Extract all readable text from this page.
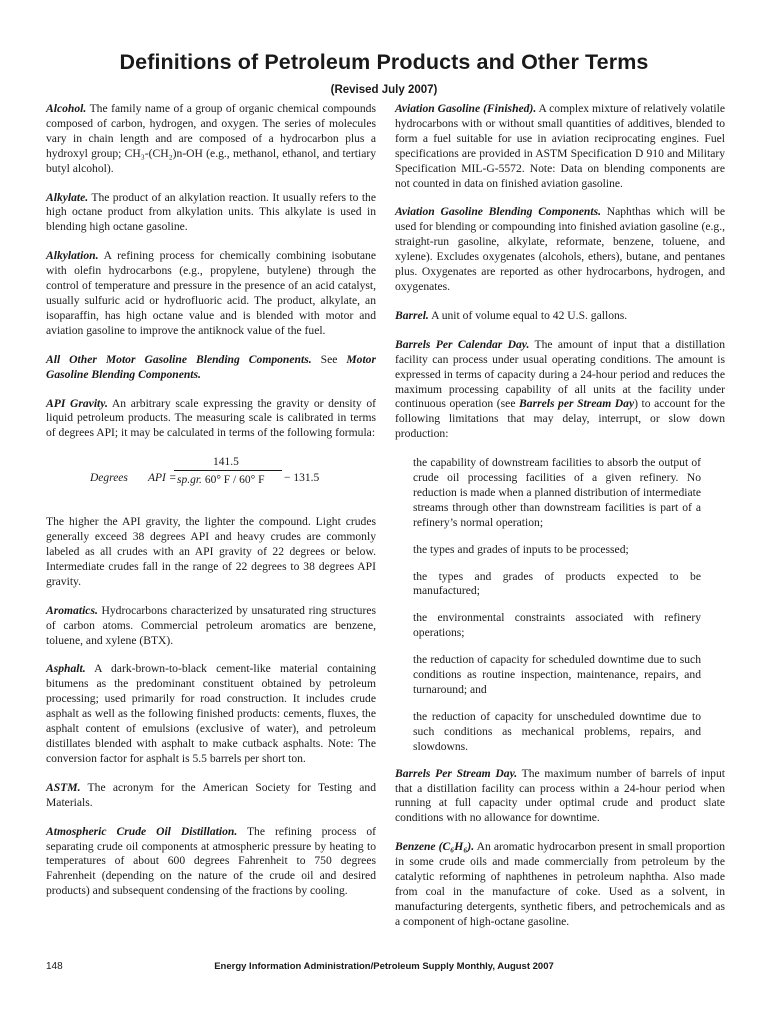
Definitions of Petroleum Products and Other Terms
(Revised July 2007)

Alcohol. The family name of a group of organic chemical compounds composed of carbon, hydrogen, and oxygen. The series of molecules vary in chain length and are composed of a hydrocarbon plus a hydroxyl group; CH₃-(CH₂)n-OH (e.g., methanol, ethanol, and tertiary butyl alcohol).

Alkylate. The product of an alkylation reaction. It usually refers to the high octane product from alkylation units. This alkylate is used in blending high octane gasoline.

Alkylation. A refining process for chemically combining isobutane with olefin hydrocarbons (e.g., propylene, butylene) through the control of temperature and pressure in the presence of an acid catalyst, usually sulfuric acid or hydrofluoric acid. The product, alkylate, an isoparaffin, has high octane value and is blended with motor and aviation gasoline to improve the antiknock value of the fuel.

All Other Motor Gasoline Blending Components. See Motor Gasoline Blending Components.

API Gravity. An arbitrary scale expressing the gravity or density of liquid petroleum products. The measuring scale is calibrated in terms of degrees API; it may be calculated in terms of the following formula:

Degrees API =
141.5
sp.gr. 60° F / 60° F − 131.5

The higher the API gravity, the lighter the compound. Light crudes generally exceed 38 degrees API and heavy crudes are commonly labeled as all crudes with an API gravity of 22 degrees or below. Intermediate crudes fall in the range of 22 degrees to 38 degrees API gravity.

Aromatics. Hydrocarbons characterized by unsaturated ring structures of carbon atoms. Commercial petroleum aromatics are benzene, toluene, and xylene (BTX).

Asphalt. A dark-brown-to-black cement-like material containing bitumens as the predominant constituent obtained by petroleum processing; used primarily for road construction. It includes crude asphalt as well as the following finished products: cements, fluxes, the asphalt content of emulsions (exclusive of water), and petroleum distillates blended with asphalt to make cutback asphalts. Note: The conversion factor for asphalt is 5.5 barrels per short ton.

ASTM. The acronym for the American Society for Testing and Materials.

Atmospheric Crude Oil Distillation. The refining process of separating crude oil components at atmospheric pressure by heating to temperatures of about 600 degrees Fahrenheit to 750 degrees Fahrenheit (depending on the nature of the crude oil and desired products) and subsequent condensing of the fractions by cooling.

Aviation Gasoline (Finished). A complex mixture of relatively volatile hydrocarbons with or without small quantities of additives, blended to form a fuel suitable for use in aviation reciprocating engines. Fuel specifications are provided in ASTM Specification D 910 and Military Specification MIL-G-5572. Note: Data on blending components are not counted in data on finished aviation gasoline.

Aviation Gasoline Blending Components. Naphthas which will be used for blending or compounding into finished aviation gasoline (e.g., straight-run gasoline, alkylate, reformate, benzene, toluene, and xylene). Excludes oxygenates (alcohols, ethers), butane, and pentanes plus. Oxygenates are reported as other hydrocarbons, hydrogen, and oxygenates.

Barrel. A unit of volume equal to 42 U.S. gallons.

Barrels Per Calendar Day. The amount of input that a distillation facility can process under usual operating conditions. The amount is expressed in terms of capacity during a 24-hour period and reduces the maximum processing capability of all units at the facility under continuous operation (see Barrels per Stream Day) to account for the following limitations that may delay, interrupt, or slow down production:

the capability of downstream facilities to absorb the output of crude oil processing facilities of a given refinery. No reduction is made when a planned distribution of intermediate streams through other than downstream facilities is part of a refinery’s normal operation;

the types and grades of inputs to be processed;

the types and grades of products expected to be manufactured;

the environmental constraints associated with refinery operations;

the reduction of capacity for scheduled downtime due to such conditions as routine inspection, maintenance, repairs, and turnaround; and

the reduction of capacity for unscheduled downtime due to such conditions as mechanical problems, repairs, and slowdowns.

Barrels Per Stream Day. The maximum number of barrels of input that a distillation facility can process within a 24-hour period when running at full capacity under optimal crude and product slate conditions with no allowance for downtime.

Benzene (C₆H₆). An aromatic hydrocarbon present in small proportion in some crude oils and made commercially from petroleum by the catalytic reforming of naphthenes in petroleum naphtha. Also made from coal in the manufacture of coke. Used as a solvent, in manufacturing detergents, synthetic fibers, and petrochemicals and as a component of high-octane gasoline.

148	Energy Information Administration/Petroleum Supply Monthly, August 2007
